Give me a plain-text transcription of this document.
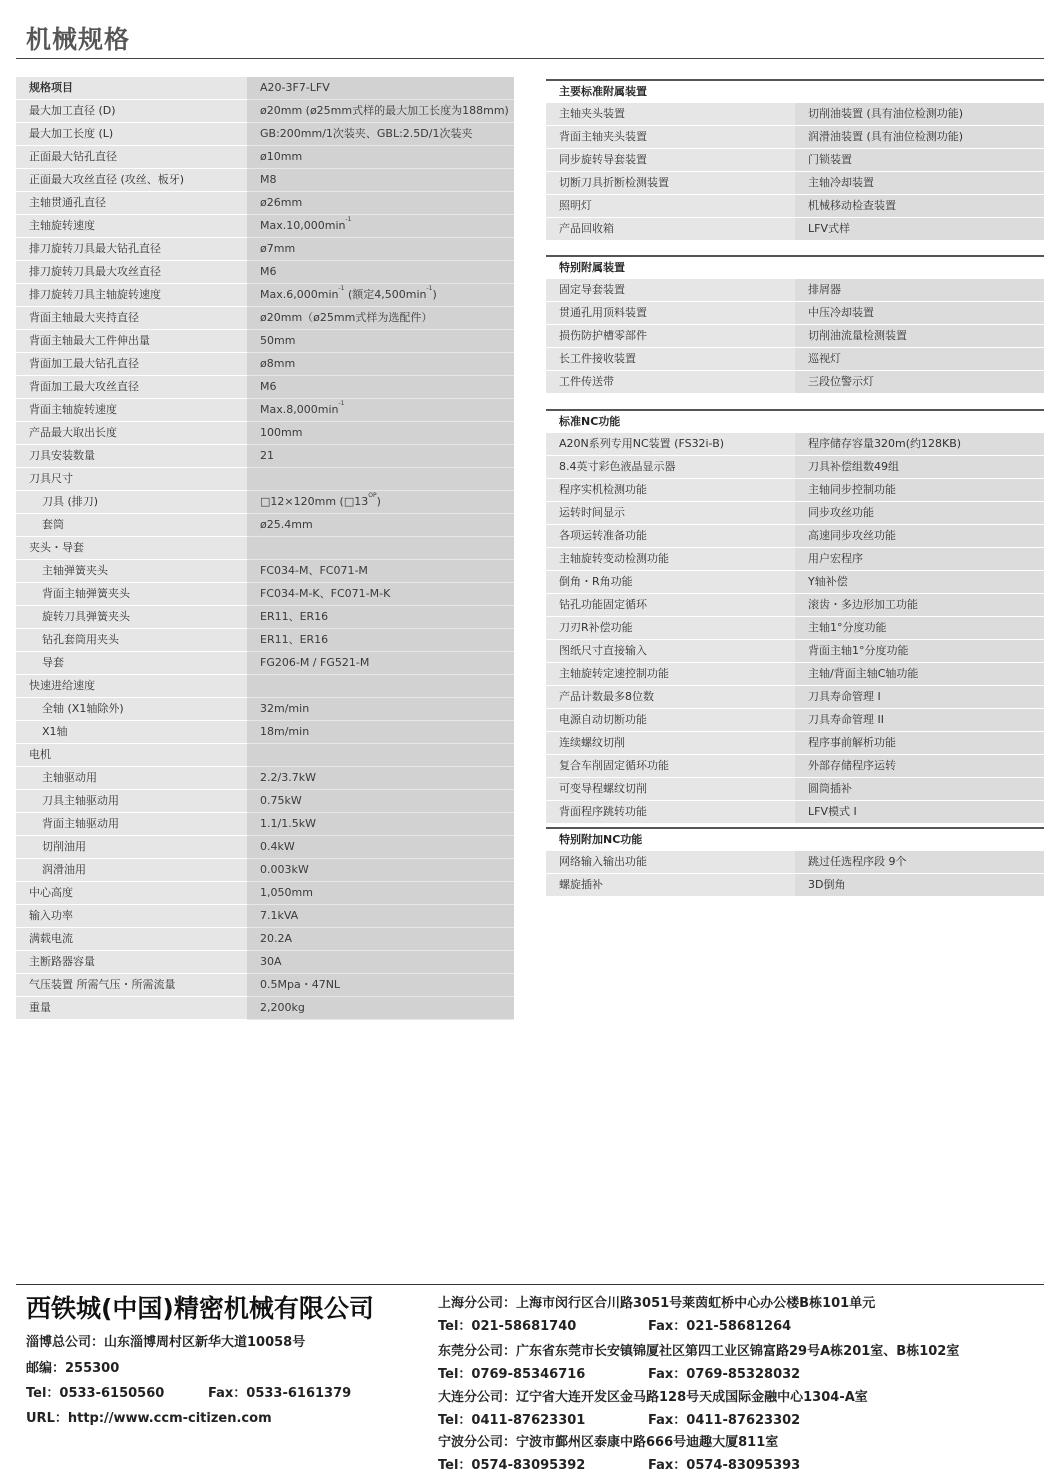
机械规格
规格项目	A20-3F7-LFV
最大加工直径 (D)	ø20mm (ø25mm式样的最大加工长度为188mm)
最大加工长度 (L)	GB:200mm/1次装夹、GBL:2.5D/1次装夹
正面最大钻孔直径	ø10mm
正面最大攻丝直径 (攻丝、板牙)	M8
主轴贯通孔直径	ø26mm
主轴旋转速度	$Max.10,000\min^{-1}$
排刀旋转刀具最大钻孔直径	ø7mm
排刀旋转刀具最大攻丝直径	M6
排刀旋转刀具主轴旋转速度	$Max.6,000\min^{-1}$ (额定$4,500\min^{-1}$)
背面主轴最大夹持直径	ø20mm（ø25mm式样为选配件）
背面主轴最大工件伸出量	50mm
背面加工最大钻孔直径	ø8mm
背面加工最大攻丝直径	M6
背面主轴旋转速度	$Max.8,000\min^{-1}$
产品最大取出长度	100mm
刀具安装数量	21
刀具尺寸	
刀具 (排刀)	□12×120mm $(□13^{OP})$
套筒	ø25.4mm
夹头・导套	
主轴弹簧夹头	FC034-M、FC071-M
背面主轴弹簧夹头	FC034-M-K、FC071-M-K
旋转刀具弹簧夹头	ER11、ER16
钻孔套筒用夹头	ER11、ER16
导套	FG206-M / FG521-M
快速进给速度	
全轴 (X1轴除外)	32m/min
X1轴	18m/min
电机	
主轴驱动用	2.2/3.7kW
刀具主轴驱动用	0.75kW
背面主轴驱动用	1.1/1.5kW
切削油用	0.4kW
润滑油用	0.003kW
中心高度	1,050mm
输入功率	7.1kVA
满载电流	20.2A
主断路器容量	30A
气压装置 所需气压・所需流量	0.5Mpa・47NL
重量	2,200kg
主要标准附属装置	
主轴夹头装置	切削油装置 (具有油位检测功能)
背面主轴夹头装置	润滑油装置 (具有油位检测功能)
同步旋转导套装置	门锁装置
切断刀具折断检测装置	主轴冷却装置
照明灯	机械移动检查装置
产品回收箱	LFV式样
特别附属装置	
固定导套装置	排屑器
贯通孔用顶料装置	中压冷却装置
损伤防护槽零部件	切削油流量检测装置
长工件接收装置	巡视灯
工件传送带	三段位警示灯
标准NC功能	
A20N系列专用NC装置 (FS32i-B)	程序储存容量320m(约128KB)
8.4英寸彩色液晶显示器	刀具补偿组数49组
程序实机检测功能	主轴同步控制功能
运转时间显示	同步攻丝功能
各项运转准备功能	高速同步攻丝功能
主轴旋转变动检测功能	用户宏程序
倒角・R角功能	Y轴补偿
钻孔功能固定循环	滚齿・多边形加工功能
刀刃R补偿功能	主轴1°分度功能
图纸尺寸直接输入	背面主轴1°分度功能
主轴旋转定速控制功能	主轴/背面主轴C轴功能
产品计数最多8位数	刀具寿命管理 I
电源自动切断功能	刀具寿命管理 II
连续螺纹切削	程序事前解析功能
复合车削固定循环功能	外部存储程序运转
可变导程螺纹切削	圆筒插补
背面程序跳转功能	LFV模式 I
特别附加NC功能	
网络输入输出功能	跳过任选程序段 9个
螺旋插补	3D倒角
西铁城(中国)精密机械有限公司
淄博总公司：山东淄博周村区新华大道10058号
邮编：255300
Tel：0533-6150560	Fax：0533-6161379
URL：http://www.ccm-citizen.com
上海分公司：上海市闵行区合川路3051号莱茵虹桥中心办公楼B栋101单元
Tel：021-58681740	Fax：021-58681264
东莞分公司：广东省东莞市长安镇锦厦社区第四工业区锦富路29号A栋201室、B栋102室
Tel：0769-85346716	Fax：0769-85328032
大连分公司：辽宁省大连开发区金马路128号天成国际金融中心1304-A室
Tel：0411-87623301	Fax：0411-87623302
宁波分公司：宁波市鄞州区泰康中路666号迪趣大厦811室
Tel：0574-83095392	Fax：0574-83095393
